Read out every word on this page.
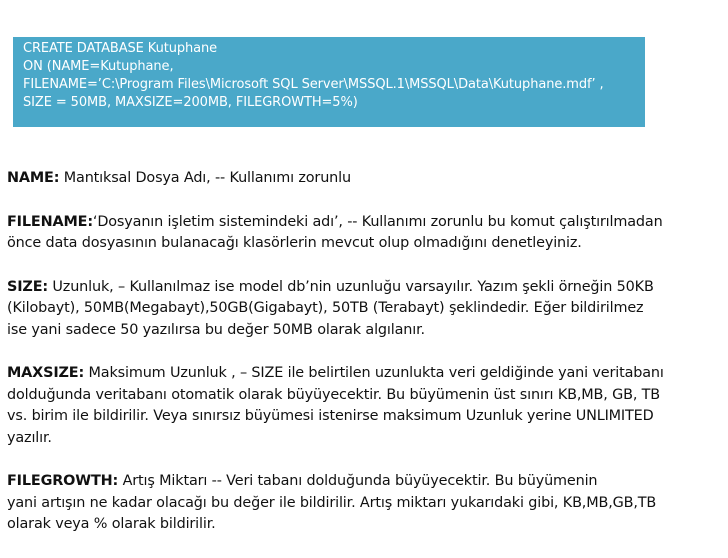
CREATE DATABASE Kutuphane
ON (NAME=Kutuphane,
FILENAME=’C:\Program Files\Microsoft SQL Server\MSSQL.1\MSSQL\Data\Kutuphane.mdf’ ,
SIZE = 50MB, MAXSIZE=200MB, FILEGROWTH=5%)
NAME: Mantıksal Dosya Adı, -- Kullanımı zorunlu
FILENAME:‘Dosyanın işletim sistemindeki adı’, -- Kullanımı zorunlu bu komut çalıştırılmadan
önce data dosyasının bulanacağı klasörlerin mevcut olup olmadığını denetleyiniz.
SIZE: Uzunluk, – Kullanılmaz ise model db’nin uzunluğu varsayılır. Yazım şekli örneğin 50KB
(Kilobayt), 50MB(Megabayt),50GB(Gigabayt), 50TB (Terabayt) şeklindedir. Eğer bildirilmez
ise yani sadece 50 yazılırsa bu değer 50MB olarak algılanır.
MAXSIZE: Maksimum Uzunluk , – SIZE ile belirtilen uzunlukta veri geldiğinde yani veritabanı
dolduğunda veritabanı otomatik olarak büyüyecektir. Bu büyümenin üst sınırı KB,MB, GB, TB
vs. birim ile bildirilir. Veya sınırsız büyümesi istenirse maksimum Uzunluk yerine UNLIMITED
yazılır.
FILEGROWTH: Artış Miktarı -- Veri tabanı dolduğunda büyüyecektir. Bu büyümenin
yani artışın ne kadar olacağı bu değer ile bildirilir. Artış miktarı yukarıdaki gibi, KB,MB,GB,TB
olarak veya % olarak bildirilir.
